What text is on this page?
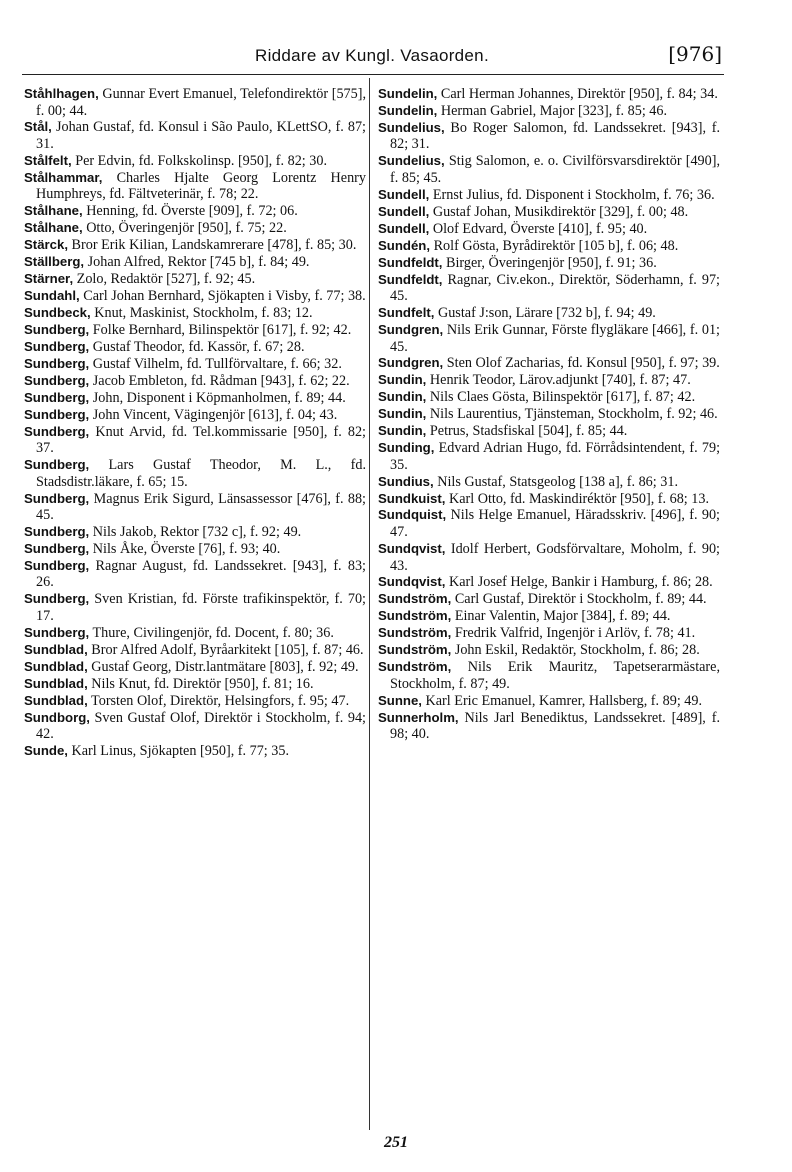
Riddare av Kungl. Vasaorden.	[976]

Ståhlhagen, Gunnar Evert Emanuel, Telefondirektör [575], f. 00; 44.

Stål, Johan Gustaf, fd. Konsul i São Paulo, KLettSO, f. 87; 31.

Stålfelt, Per Edvin, fd. Folkskolinsp. [950], f. 82; 30.

Stålhammar, Charles Hjalte Georg Lorentz Henry Humphreys, fd. Fältveterinär, f. 78; 22.

Stålhane, Henning, fd. Överste [909], f. 72; 06.

Stålhane, Otto, Överingenjör [950], f. 75; 22.

Stärck, Bror Erik Kilian, Landskamrerare [478], f. 85; 30.

Ställberg, Johan Alfred, Rektor [745 b], f. 84; 49.

Stärner, Zolo, Redaktör [527], f. 92; 45.

Sundahl, Carl Johan Bernhard, Sjökapten i Visby, f. 77; 38.

Sundbeck, Knut, Maskinist, Stockholm, f. 83; 12.

Sundberg, Folke Bernhard, Bilinspektör [617], f. 92; 42.

Sundberg, Gustaf Theodor, fd. Kassör, f. 67; 28.

Sundberg, Gustaf Vilhelm, fd. Tullförvaltare, f. 66; 32.

Sundberg, Jacob Embleton, fd. Rådman [943], f. 62; 22.

Sundberg, John, Disponent i Köpmanholmen, f. 89; 44.

Sundberg, John Vincent, Vägingenjör [613], f. 04; 43.

Sundberg, Knut Arvid, fd. Tel.kommissarie [950], f. 82; 37.

Sundberg, Lars Gustaf Theodor, M. L., fd. Stadsdistr.läkare, f. 65; 15.

Sundberg, Magnus Erik Sigurd, Länsassessor [476], f. 88; 45.

Sundberg, Nils Jakob, Rektor [732 c], f. 92; 49.

Sundberg, Nils Åke, Överste [76], f. 93; 40.

Sundberg, Ragnar August, fd. Landssekret. [943], f. 83; 26.

Sundberg, Sven Kristian, fd. Förste trafikinspektör, f. 70; 17.

Sundberg, Thure, Civilingenjör, fd. Docent, f. 80; 36.

Sundblad, Bror Alfred Adolf, Byråarkitekt [105], f. 87; 46.

Sundblad, Gustaf Georg, Distr.lantmätare [803], f. 92; 49.

Sundblad, Nils Knut, fd. Direktör [950], f. 81; 16.

Sundblad, Torsten Olof, Direktör, Helsingfors, f. 95; 47.

Sundborg, Sven Gustaf Olof, Direktör i Stockholm, f. 94; 42.

Sunde, Karl Linus, Sjökapten [950], f. 77; 35.

Sundelin, Carl Herman Johannes, Direktör [950], f. 84; 34.

Sundelin, Herman Gabriel, Major [323], f. 85; 46.

Sundelius, Bo Roger Salomon, fd. Landssekret. [943], f. 82; 31.

Sundelius, Stig Salomon, e. o. Civilförsvarsdirektör [490], f. 85; 45.

Sundell, Ernst Julius, fd. Disponent i Stockholm, f. 76; 36.

Sundell, Gustaf Johan, Musikdirektör [329], f. 00; 48.

Sundell, Olof Edvard, Överste [410], f. 95; 40.

Sundén, Rolf Gösta, Byrådirektör [105 b], f. 06; 48.

Sundfeldt, Birger, Överingenjör [950], f. 91; 36.

Sundfeldt, Ragnar, Civ.ekon., Direktör, Söderhamn, f. 97; 45.

Sundfelt, Gustaf J:son, Lärare [732 b], f. 94; 49.

Sundgren, Nils Erik Gunnar, Förste flygläkare [466], f. 01; 45.

Sundgren, Sten Olof Zacharias, fd. Konsul [950], f. 97; 39.

Sundin, Henrik Teodor, Lärov.adjunkt [740], f. 87; 47.

Sundin, Nils Claes Gösta, Bilinspektör [617], f. 87; 42.

Sundin, Nils Laurentius, Tjänsteman, Stockholm, f. 92; 46.

Sundin, Petrus, Stadsfiskal [504], f. 85; 44.

Sunding, Edvard Adrian Hugo, fd. Förrådsintendent, f. 79; 35.

Sundius, Nils Gustaf, Statsgeolog [138 a], f. 86; 31.

Sundkuist, Karl Otto, fd. Maskindiréktör [950], f. 68; 13.

Sundquist, Nils Helge Emanuel, Häradsskriv. [496], f. 90; 47.

Sundqvist, Idolf Herbert, Godsförvaltare, Moholm, f. 90; 43.

Sundqvist, Karl Josef Helge, Bankir i Hamburg, f. 86; 28.

Sundström, Carl Gustaf, Direktör i Stockholm, f. 89; 44.

Sundström, Einar Valentin, Major [384], f. 89; 44.

Sundström, Fredrik Valfrid, Ingenjör i Arlöv, f. 78; 41.

Sundström, John Eskil, Redaktör, Stockholm, f. 86; 28.

Sundström, Nils Erik Mauritz, Tapetserarmästare, Stockholm, f. 87; 49.

Sunne, Karl Eric Emanuel, Kamrer, Hallsberg, f. 89; 49.

Sunnerholm, Nils Jarl Benediktus, Landssekret. [489], f. 98; 40.

251
